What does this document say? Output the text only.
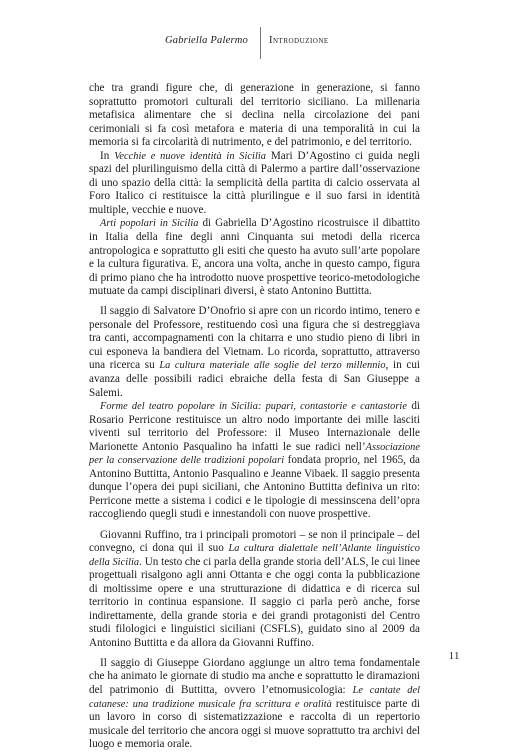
Gabriella Palermo Introduzione

che tra grandi figure che, di generazione in generazione, si fanno soprattutto promotori culturali del territorio siciliano. La millenaria metafisica alimentare che si declina nella circolazione dei pani cerimoniali si fa così metafora e materia di una temporalità in cui la memoria si fa circolarità di nutrimento, e del patrimonio, e del territorio.

In Vecchie e nuove identità in Sicilia Mari D’Agostino ci guida negli spazi del plurilinguismo della città di Palermo a partire dall’osservazione di uno spazio della città: la semplicità della partita di calcio osservata al Foro Italico ci restituisce la città plurilingue e il suo farsi in identità multiple, vecchie e nuove.

Arti popolari in Sicilia di Gabriella D’Agostino ricostruisce il dibattito in Italia della fine degli anni Cinquanta sui metodi della ricerca antropologica e soprattutto gli esiti che questo ha avuto sull’arte popolare e la cultura figurativa. E, ancora una volta, anche in questo campo, figura di primo piano che ha introdotto nuove prospettive teorico-metodologiche mutuate da campi disciplinari diversi, è stato Antonino Buttitta.

Il saggio di Salvatore D’Onofrio si apre con un ricordo intimo, tenero e personale del Professore, restituendo così una figura che si destreggiava tra canti, accompagnamenti con la chitarra e uno studio pieno di libri in cui esponeva la bandiera del Vietnam. Lo ricorda, soprattutto, attraverso una ricerca su La cultura materiale alle soglie del terzo millennio, in cui avanza delle possibili radici ebraiche della festa di San Giuseppe a Salemi.

Forme del teatro popolare in Sicilia: pupari, contastorie e cantastorie di Rosario Perricone restituisce un altro nodo importante dei mille lasciti viventi sul territorio del Professore: il Museo Internazionale delle Marionette Antonio Pasqualino ha infatti le sue radici nell’Associazione per la conservazione delle tradizioni popolari fondata proprio, nel 1965, da Antonino Buttitta, Antonio Pasqualino e Jeanne Vibaek. Il saggio presenta dunque l’opera dei pupi siciliani, che Antonino Buttitta definiva un rito: Perricone mette a sistema i codici e le tipologie di messinscena dell’opra raccogliendo quegli studi e innestandoli con nuove prospettive.

Giovanni Ruffino, tra i principali promotori – se non il principale – del convegno, ci dona qui il suo La cultura dialettale nell’Atlante linguistico della Sicilia. Un testo che ci parla della grande storia dell’ALS, le cui linee progettuali risalgono agli anni Ottanta e che oggi conta la pubblicazione di moltissime opere e una strutturazione di didattica e di ricerca sul territorio in continua espansione. Il saggio ci parla però anche, forse indirettamente, della grande storia e dei grandi protagonisti del Centro studi filologici e linguistici siciliani (CSFLS), guidato sino al 2009 da Antonino Buttitta e da allora da Giovanni Ruffino.

Il saggio di Giuseppe Giordano aggiunge un altro tema fondamentale che ha animato le giornate di studio ma anche e soprattutto le diramazioni del patrimonio di Buttitta, ovvero l’etnomusicologia: Le cantate del catanese: una tradizione musicale fra scrittura e oralità restituisce parte di un lavoro in corso di sistematizzazione e raccolta di un repertorio musicale del territorio che ancora oggi si muove soprattutto tra archivi del luogo e memoria orale.

11
